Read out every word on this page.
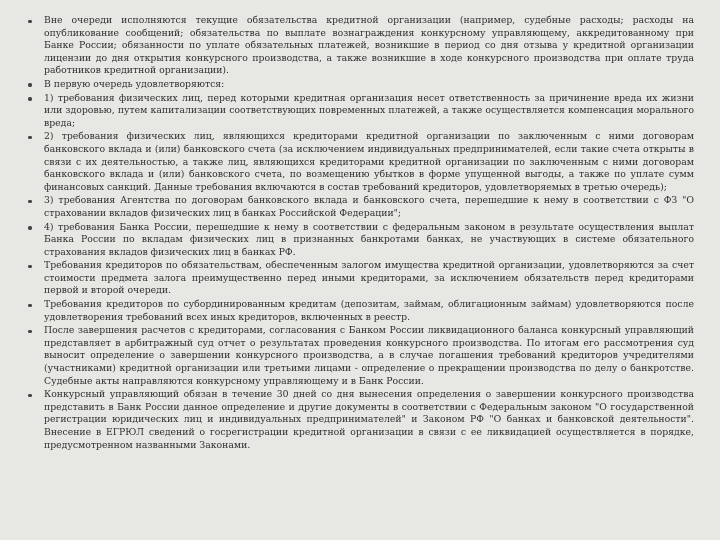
Вне очереди исполняются текущие обязательства кредитной организации (например, судебные расходы; расходы на опубликование сообщений; обязательства по выплате вознаграждения конкурсному управляющему, аккредитованному при Банке России; обязанности по уплате обязательных платежей, возникшие в период со дня отзыва у кредитной организации лицензии до дня открытия конкурсного производства, а также возникшие в ходе конкурсного производства при оплате труда работников кредитной организации).
В первую очередь удовлетворяются:
1) требования физических лиц, перед которыми кредитная организация несет ответственность за причинение вреда их жизни или здоровью, путем капитализации соответствующих повременных платежей, а также осуществляется компенсация морального вреда;
2) требования физических лиц, являющихся кредиторами кредитной организации по заключенным с ними договорам банковского вклада и (или) банковского счета (за исключением индивидуальных предпринимателей, если такие счета открыты в связи с их деятельностью, а также лиц, являющихся кредиторами кредитной организации по заключенным с ними договорам банковского вклада и (или) банковского счета, по возмещению убытков в форме упущенной выгоды, а также по уплате сумм финансовых санкций. Данные требования включаются в состав требований кредиторов, удовлетворяемых в третью очередь);
3) требования Агентства по договорам банковского вклада и банковского счета, перешедшие к нему в соответствии с ФЗ "О страховании вкладов физических лиц в банках Российской Федерации";
4) требования Банка России, перешедшие к нему в соответствии с федеральным законом в результате осуществления выплат Банка России по вкладам физических лиц в признанных банкротами банках, не участвующих в системе обязательного страхования вкладов физических лиц в банках РФ.
Требования кредиторов по обязательствам, обеспеченным залогом имущества кредитной организации, удовлетворяются за счет стоимости предмета залога преимущественно перед иными кредиторами, за исключением обязательств перед кредиторами первой и второй очереди.
Требования кредиторов по субординированным кредитам (депозитам, займам, облигационным займам) удовлетворяются после удовлетворения требований всех иных кредиторов, включенных в реестр.
После завершения расчетов с кредиторами, согласования с Банком России ликвидационного баланса конкурсный управляющий представляет в арбитражный суд отчет о результатах проведения конкурсного производства. По итогам его рассмотрения суд выносит определение о завершении конкурсного производства, а в случае погашения требований кредиторов учредителями (участниками) кредитной организации или третьими лицами - определение о прекращении производства по делу о банкротстве. Судебные акты направляются конкурсному управляющему и в Банк России.
Конкурсный управляющий обязан в течение 30 дней со дня вынесения определения о завершении конкурсного производства представить в Банк России данное определение и другие документы в соответствии с Федеральным законом "О государственной регистрации юридических лиц и индивидуальных предпринимателей" и Законом РФ "О банках и банковской деятельности". Внесение в ЕГРЮЛ сведений о госрегистрации кредитной организации в связи с ее ликвидацией осуществляется в порядке, предусмотренном названными Законами.
